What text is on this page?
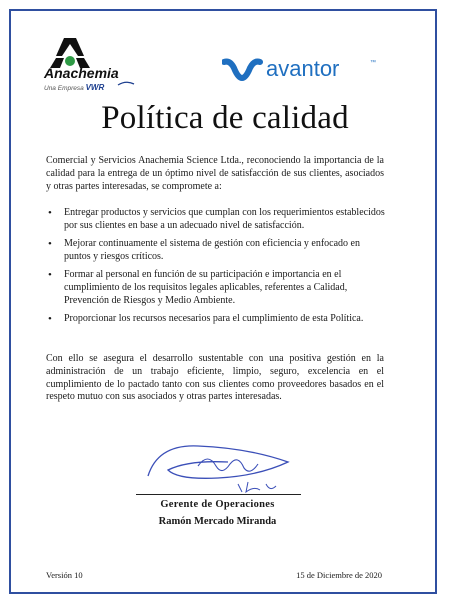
Anachemia
Una Empresa VWR
avantor	™
Política de calidad
Comercial y Servicios Anachemia Science Ltda., reconociendo la importancia de la calidad para la entrega de un óptimo nivel de satisfacción de sus clientes, asociados y otras partes interesadas, se compromete a:
• Entregar productos y servicios que cumplan con los requerimientos establecidos por sus clientes en base a un adecuado nivel de satisfacción.
• Mejorar continuamente el sistema de gestión con eficiencia y enfocado en puntos y riesgos críticos.
• Formar al personal en función de su participación e importancia en el cumplimiento de los requisitos legales aplicables, referentes a Calidad, Prevención de Riesgos y Medio Ambiente.
• Proporcionar los recursos necesarios para el cumplimiento de esta Política.
Con ello se asegura el desarrollo sustentable con una positiva gestión en la administración de un trabajo eficiente, limpio, seguro, excelencia en el cumplimiento de lo pactado tanto con sus clientes como proveedores basados en el respeto mutuo con sus asociados y otras partes interesadas.
Gerente de Operaciones
Ramón Mercado Miranda
Versión 10	15 de Diciembre de 2020
